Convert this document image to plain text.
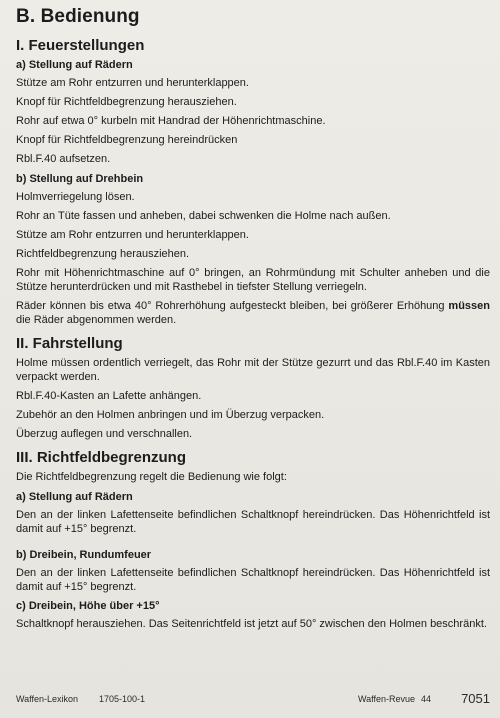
B. Bedienung
I. Feuerstellungen
a) Stellung auf Rädern
Stütze am Rohr entzurren und herunterklappen.
Knopf für Richtfeldbegrenzung herausziehen.
Rohr auf etwa 0° kurbeln mit Handrad der Höhenrichtmaschine.
Knopf für Richtfeldbegrenzung hereindrücken
Rbl.F.40 aufsetzen.
b) Stellung auf Drehbein
Holmverriegelung lösen.
Rohr an Tüte fassen und anheben, dabei schwenken die Holme nach außen.
Stütze am Rohr entzurren und herunterklappen.
Richtfeldbegrenzung herausziehen.
Rohr mit Höhenrichtmaschine auf 0° bringen, an Rohrmündung mit Schulter anheben und die Stütze herunterdrücken und mit Rasthebel in tiefster Stellung verriegeln.
Räder können bis etwa 40° Rohrerhöhung aufgesteckt bleiben, bei größerer Erhöhung müssen die Räder abgenommen werden.
II. Fahrstellung
Holme müssen ordentlich verriegelt, das Rohr mit der Stütze gezurrt und das Rbl.F.40 im Kasten verpackt werden.
Rbl.F.40-Kasten an Lafette anhängen.
Zubehör an den Holmen anbringen und im Überzug verpacken.
Überzug auflegen und verschnallen.
III. Richtfeldbegrenzung
Die Richtfeldbegrenzung regelt die Bedienung wie folgt:
a) Stellung auf Rädern
Den an der linken Lafettenseite befindlichen Schaltknopf hereindrücken. Das Höhenrichtfeld ist damit auf +15° begrenzt.
b) Dreibein, Rundumfeuer
Den an der linken Lafettenseite befindlichen Schaltknopf hereindrücken. Das Höhenrichtfeld ist damit auf +15° begrenzt.
c) Dreibein, Höhe über +15°
Schaltknopf herausziehen. Das Seitenrichtfeld ist jetzt auf 50° zwischen den Holmen beschränkt.
Waffen-Lexikon 1705-100-1	Waffen-Revue 44 7051
